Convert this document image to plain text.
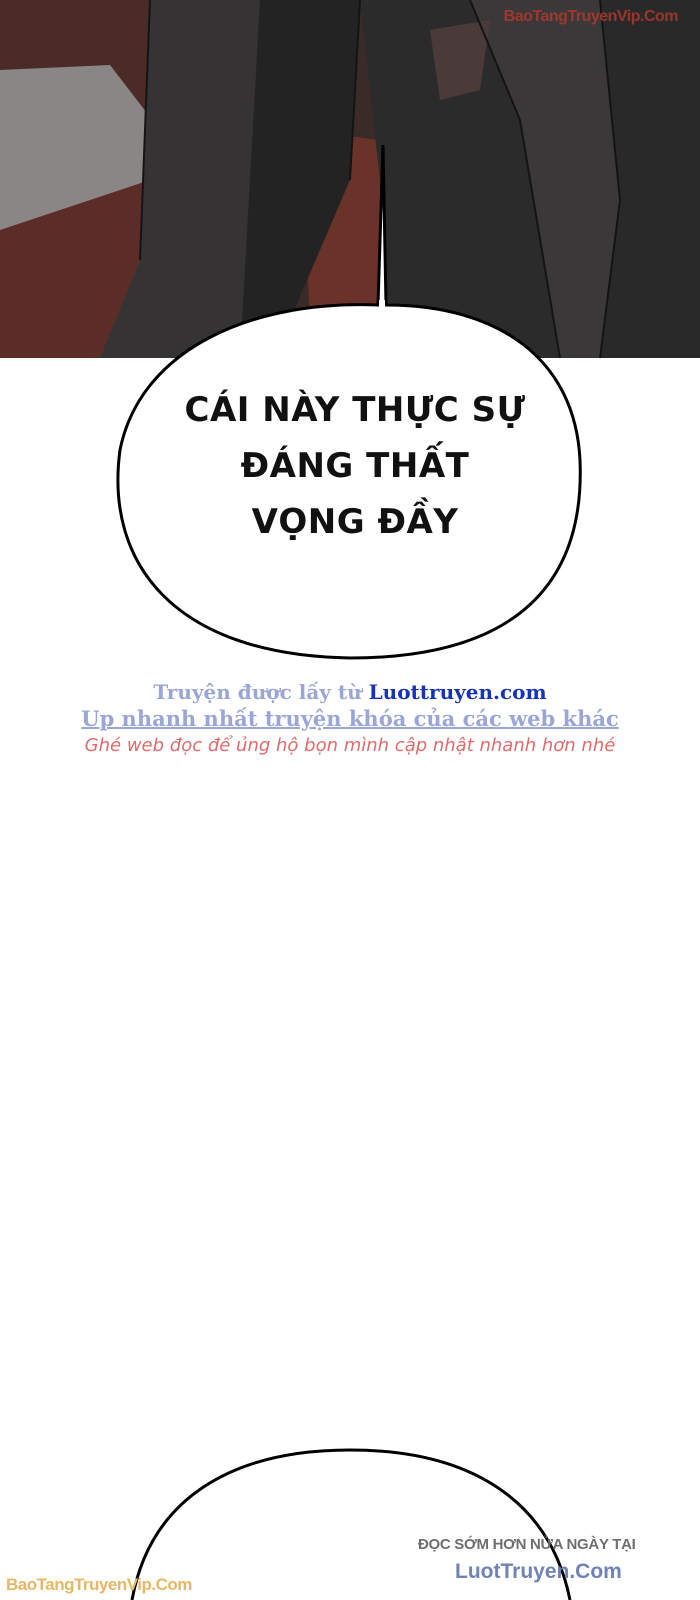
BaoTangTruyenVip.Com
CÁI NÀY THỰC SỰ
ĐÁNG THẤT
VỌNG ĐẦY
Truyện được lấy từ Luottruyen.com
Up nhanh nhất truyện khóa của các web khác
Ghé web đọc để ủng hộ bọn mình cập nhật nhanh hơn nhé
ĐỌC SỚM HƠN NỬA NGÀY TẠI
LuotTruyen.Com
BaoTangTruyenVip.Com
